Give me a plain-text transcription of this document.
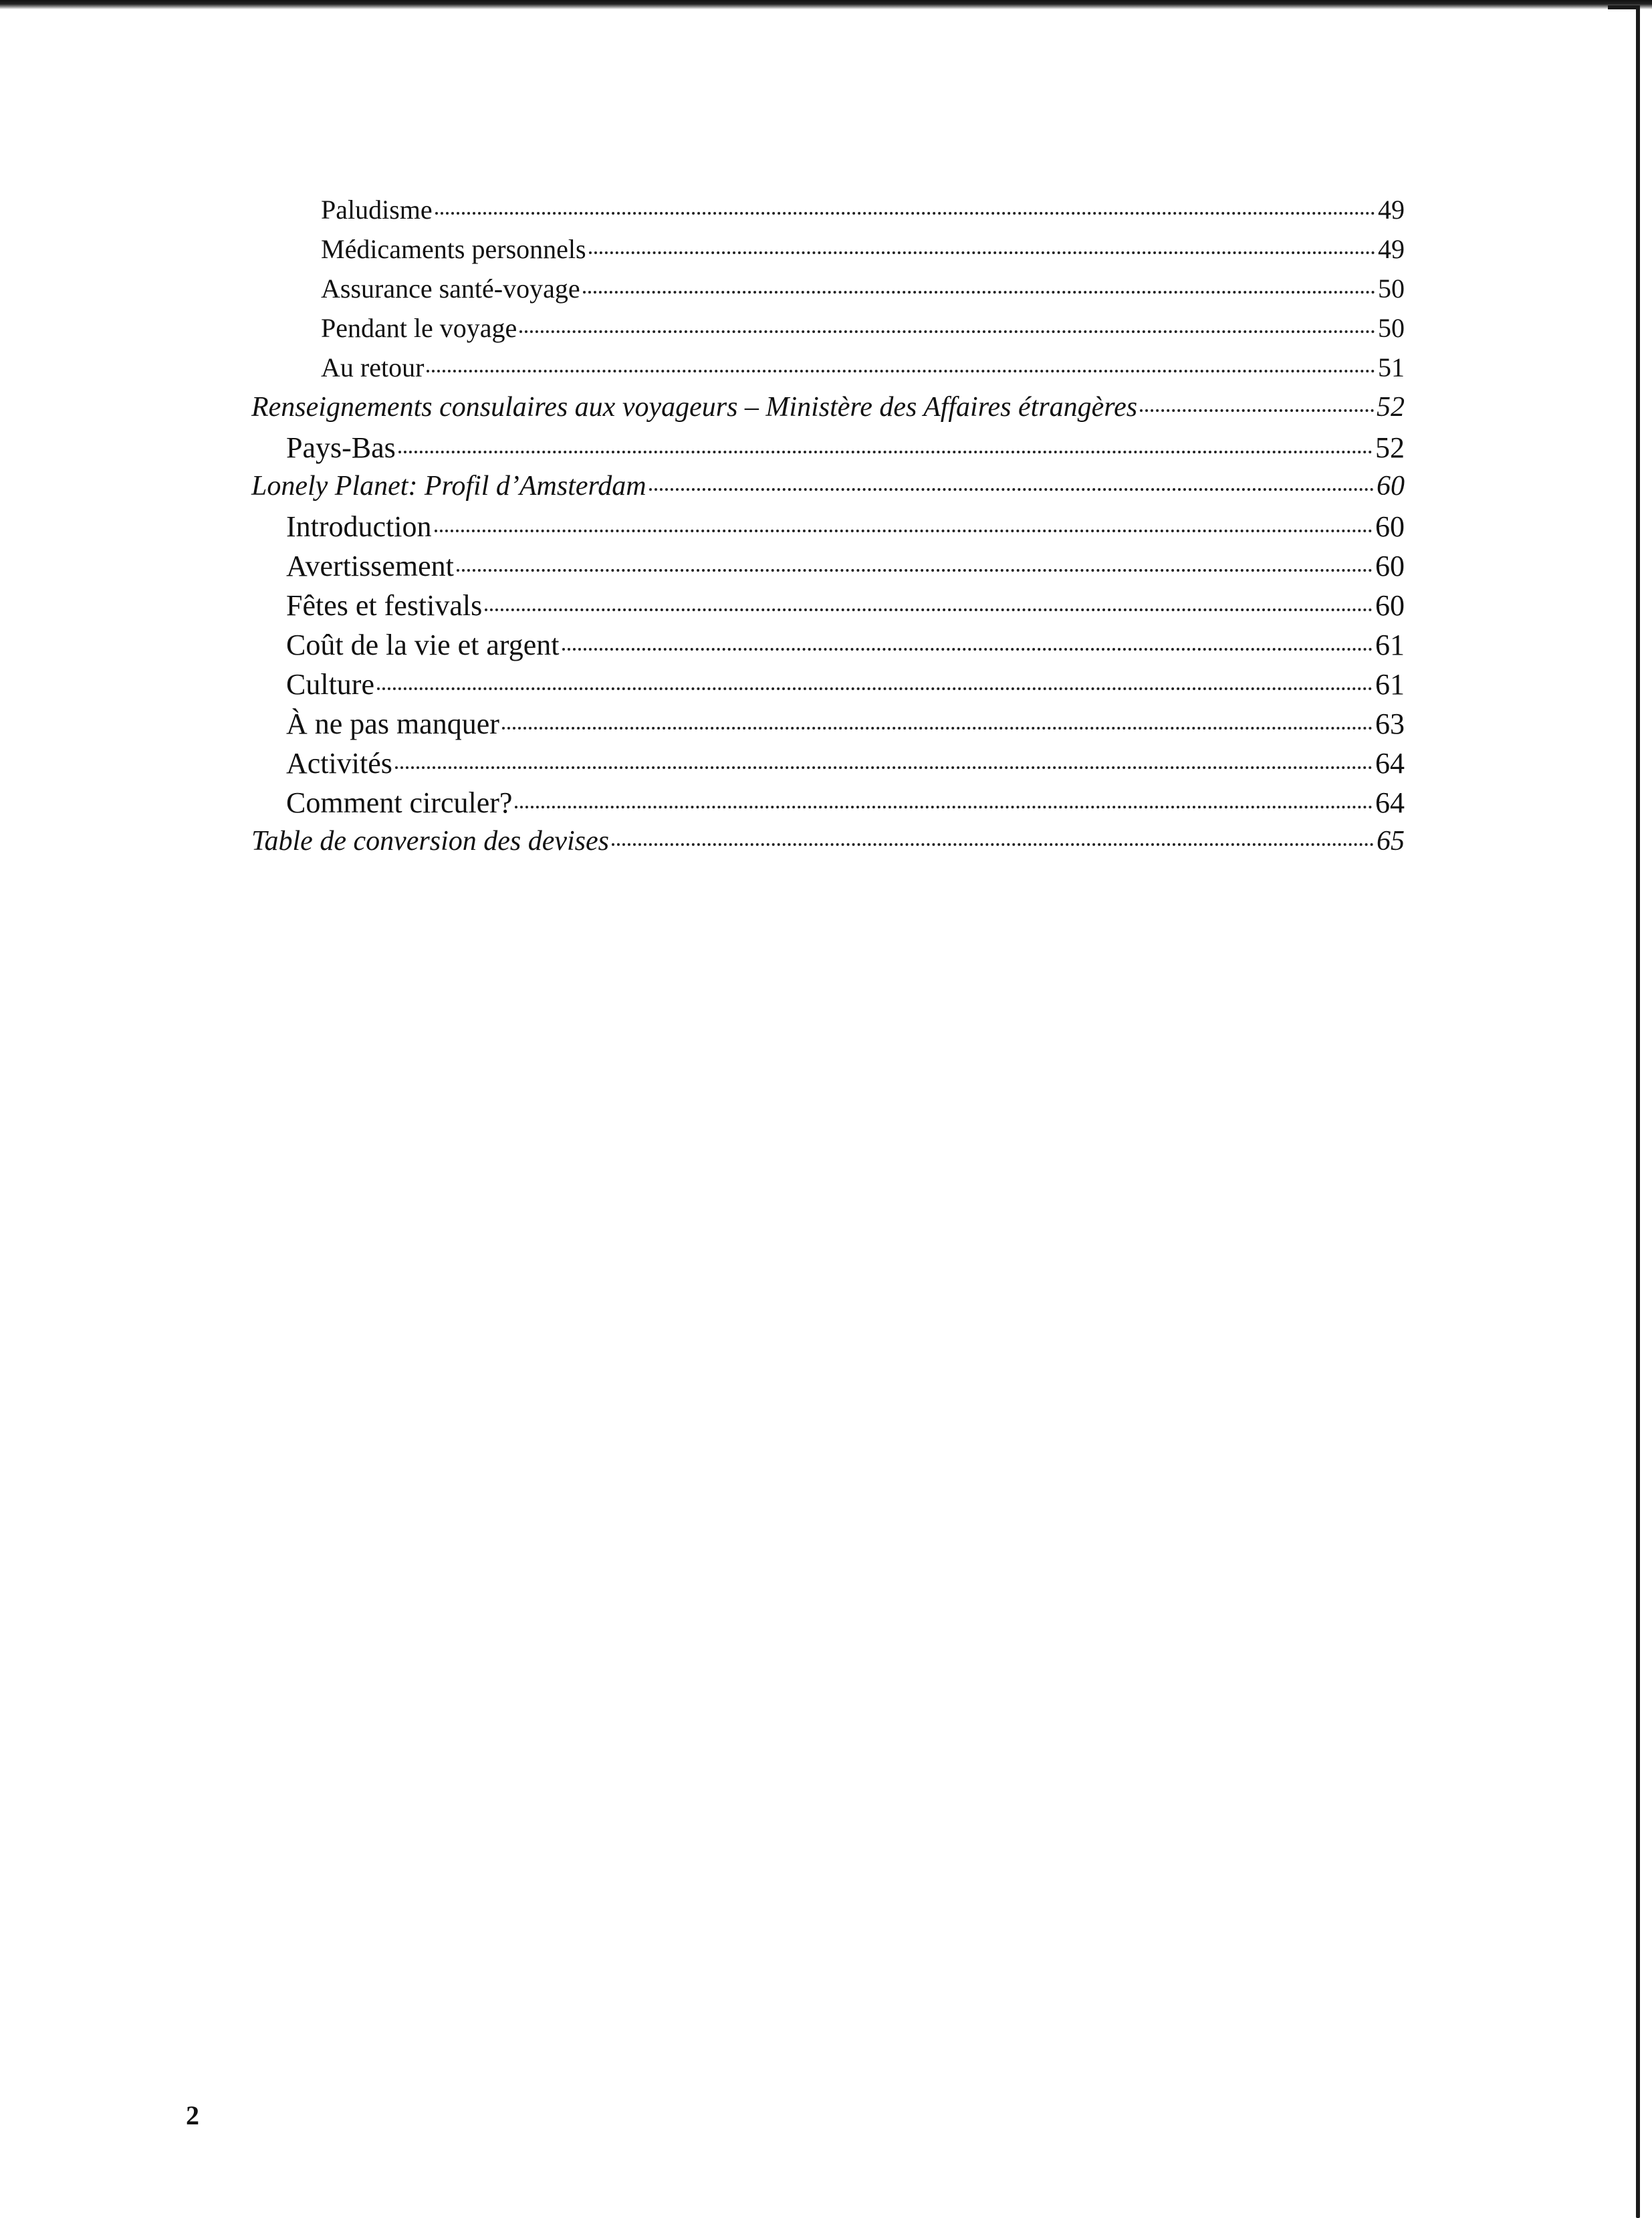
Paludisme	49
Médicaments personnels	49
Assurance santé-voyage	50
Pendant le voyage	50
Au retour	51
Renseignements consulaires aux voyageurs – Ministère des Affaires étrangères	52
Pays-Bas	52
Lonely Planet: Profil d’Amsterdam	60
Introduction	60
Avertissement	60
Fêtes et festivals	60
Coût de la vie et argent	61
Culture	61
À ne pas manquer	63
Activités	64
Comment circuler?	64
Table de conversion des devises	65
2
